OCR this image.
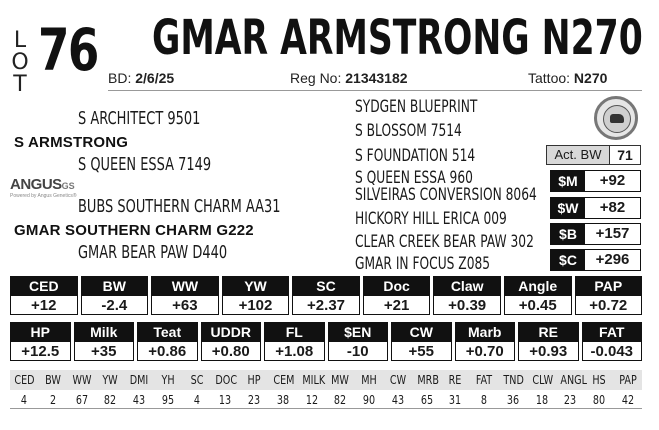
L
O
T
76 GMAR ARMSTRONG N270
BD: 2/6/25	Reg No: 21343182	Tattoo: N270
S ARCHITECT 9501
S ARMSTRONG
S QUEEN ESSA 7149
BUBS SOUTHERN CHARM AA31
GMAR SOUTHERN CHARM G222
GMAR BEAR PAW D440
ANGUSGS
Powered by Angus Genetics®
SYDGEN BLUEPRINT
S BLOSSOM 7514
S FOUNDATION 514
S QUEEN ESSA 960
SILVEIRAS CONVERSION 8064
HICKORY HILL ERICA 009
CLEAR CREEK BEAR PAW 302
GMAR IN FOCUS Z085
Act. BW	71
$M	+92
$W	+82
$B	+157
$C	+296
CED
+12
BW
-2.4
WW
+63
YW
+102
SC
+2.37
Doc
+21
Claw
+0.39
Angle
+0.45
PAP
+0.72
HP
+12.5
Milk
+35
Teat
+0.86
UDDR
+0.80
FL
+1.08
$EN
-10
CW
+55
Marb
+0.70
RE
+0.93
FAT
-0.043
CED BW WW YW DMI YH SC DOC HP CEM MILK MW MH CW MRB RE FAT TND CLW ANGL HS PAP
4	2	67 82 43 95	4	13 23 38 12 82 90 43 65 31	8	36 18 23 80 42
